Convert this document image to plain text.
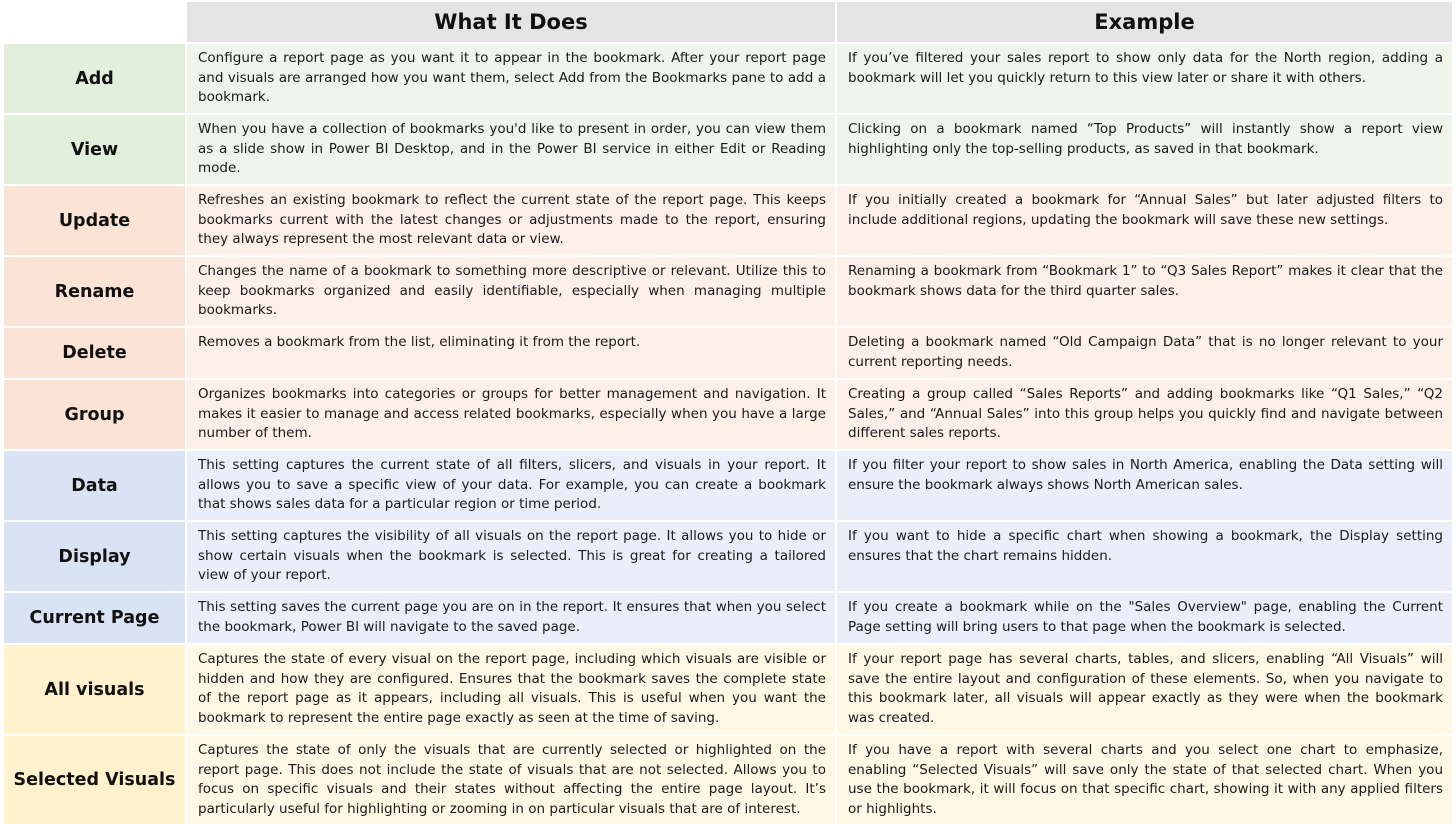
What It Does	Example
Add
Configure a report page as you want it to appear in the bookmark. After your report page and visuals are arranged how you want them, select Add from the Bookmarks pane to add a bookmark.
If you’ve filtered your sales report to show only data for the North region, adding a bookmark will let you quickly return to this view later or share it with others.
View
When you have a collection of bookmarks you'd like to present in order, you can view them as a slide show in Power BI Desktop, and in the Power BI service in either Edit or Reading mode.
Clicking on a bookmark named “Top Products” will instantly show a report view highlighting only the top-selling products, as saved in that bookmark.
Update
Refreshes an existing bookmark to reflect the current state of the report page. This keeps bookmarks current with the latest changes or adjustments made to the report, ensuring they always represent the most relevant data or view.
If you initially created a bookmark for “Annual Sales” but later adjusted filters to include additional regions, updating the bookmark will save these new settings.
Rename
Changes the name of a bookmark to something more descriptive or relevant. Utilize this to keep bookmarks organized and easily identifiable, especially when managing multiple bookmarks.
Renaming a bookmark from “Bookmark 1” to “Q3 Sales Report” makes it clear that the bookmark shows data for the third quarter sales.
Delete
Removes a bookmark from the list, eliminating it from the report.	Deleting a bookmark named “Old Campaign Data” that is no longer relevant to your current reporting needs.
Group
Organizes bookmarks into categories or groups for better management and navigation. It makes it easier to manage and access related bookmarks, especially when you have a large number of them.
Creating a group called “Sales Reports” and adding bookmarks like “Q1 Sales,” “Q2 Sales,” and “Annual Sales” into this group helps you quickly find and navigate between different sales reports.
Data
This setting captures the current state of all filters, slicers, and visuals in your report. It allows you to save a specific view of your data. For example, you can create a bookmark that shows sales data for a particular region or time period.
If you filter your report to show sales in North America, enabling the Data setting will ensure the bookmark always shows North American sales.
Display
This setting captures the visibility of all visuals on the report page. It allows you to hide or show certain visuals when the bookmark is selected. This is great for creating a tailored view of your report.
If you want to hide a specific chart when showing a bookmark, the Display setting ensures that the chart remains hidden.
Current Page
This setting saves the current page you are on in the report. It ensures that when you select the bookmark, Power BI will navigate to the saved page.
If you create a bookmark while on the "Sales Overview" page, enabling the Current Page setting will bring users to that page when the bookmark is selected.
All visuals
Captures the state of every visual on the report page, including which visuals are visible or hidden and how they are configured. Ensures that the bookmark saves the complete state of the report page as it appears, including all visuals. This is useful when you want the bookmark to represent the entire page exactly as seen at the time of saving.
If your report page has several charts, tables, and slicers, enabling “All Visuals” will save the entire layout and configuration of these elements. So, when you navigate to this bookmark later, all visuals will appear exactly as they were when the bookmark was created.
Selected Visuals
Captures the state of only the visuals that are currently selected or highlighted on the report page. This does not include the state of visuals that are not selected. Allows you to focus on specific visuals and their states without affecting the entire page layout. It’s particularly useful for highlighting or zooming in on particular visuals that are of interest.
If you have a report with several charts and you select one chart to emphasize, enabling “Selected Visuals” will save only the state of that selected chart. When you use the bookmark, it will focus on that specific chart, showing it with any applied filters or highlights.
